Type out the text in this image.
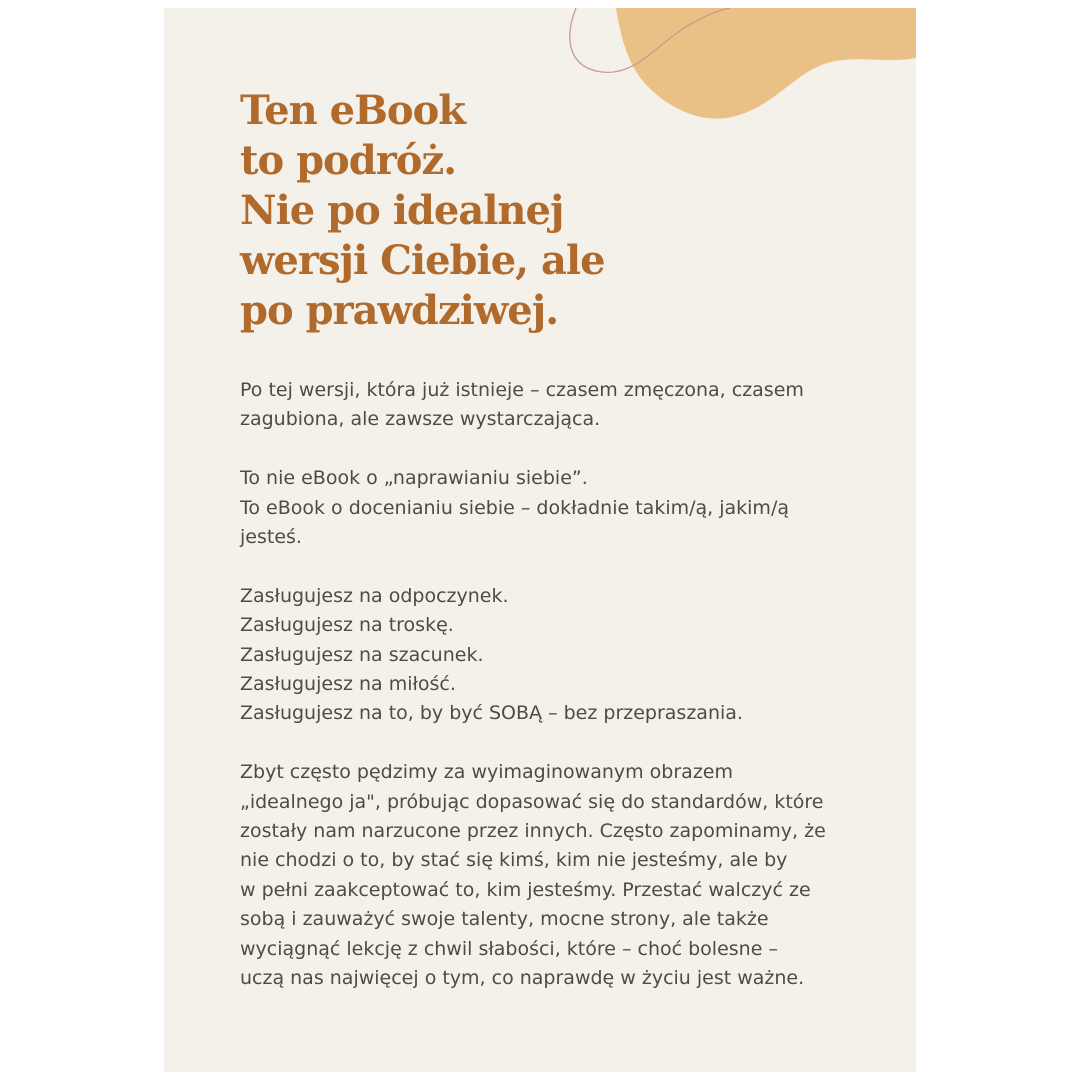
Ten eBook
to podróż.
Nie po idealnej
wersji Ciebie, ale
po prawdziwej.

Po tej wersji, która już istnieje – czasem zmęczona, czasem
zagubiona, ale zawsze wystarczająca.

To nie eBook o „naprawianiu siebie”.
To eBook o docenianiu siebie – dokładnie takim/ą, jakim/ą
jesteś.

Zasługujesz na odpoczynek.
Zasługujesz na troskę.
Zasługujesz na szacunek.
Zasługujesz na miłość.
Zasługujesz na to, by być SOBĄ – bez przepraszania.

Zbyt często pędzimy za wyimaginowanym obrazem
„idealnego ja", próbując dopasować się do standardów, które
zostały nam narzucone przez innych. Często zapominamy, że
nie chodzi o to, by stać się kimś, kim nie jesteśmy, ale by
w pełni zaakceptować to, kim jesteśmy. Przestać walczyć ze
sobą i zauważyć swoje talenty, mocne strony, ale także
wyciągnąć lekcję z chwil słabości, które – choć bolesne –
uczą nas najwięcej o tym, co naprawdę w życiu jest ważne.
